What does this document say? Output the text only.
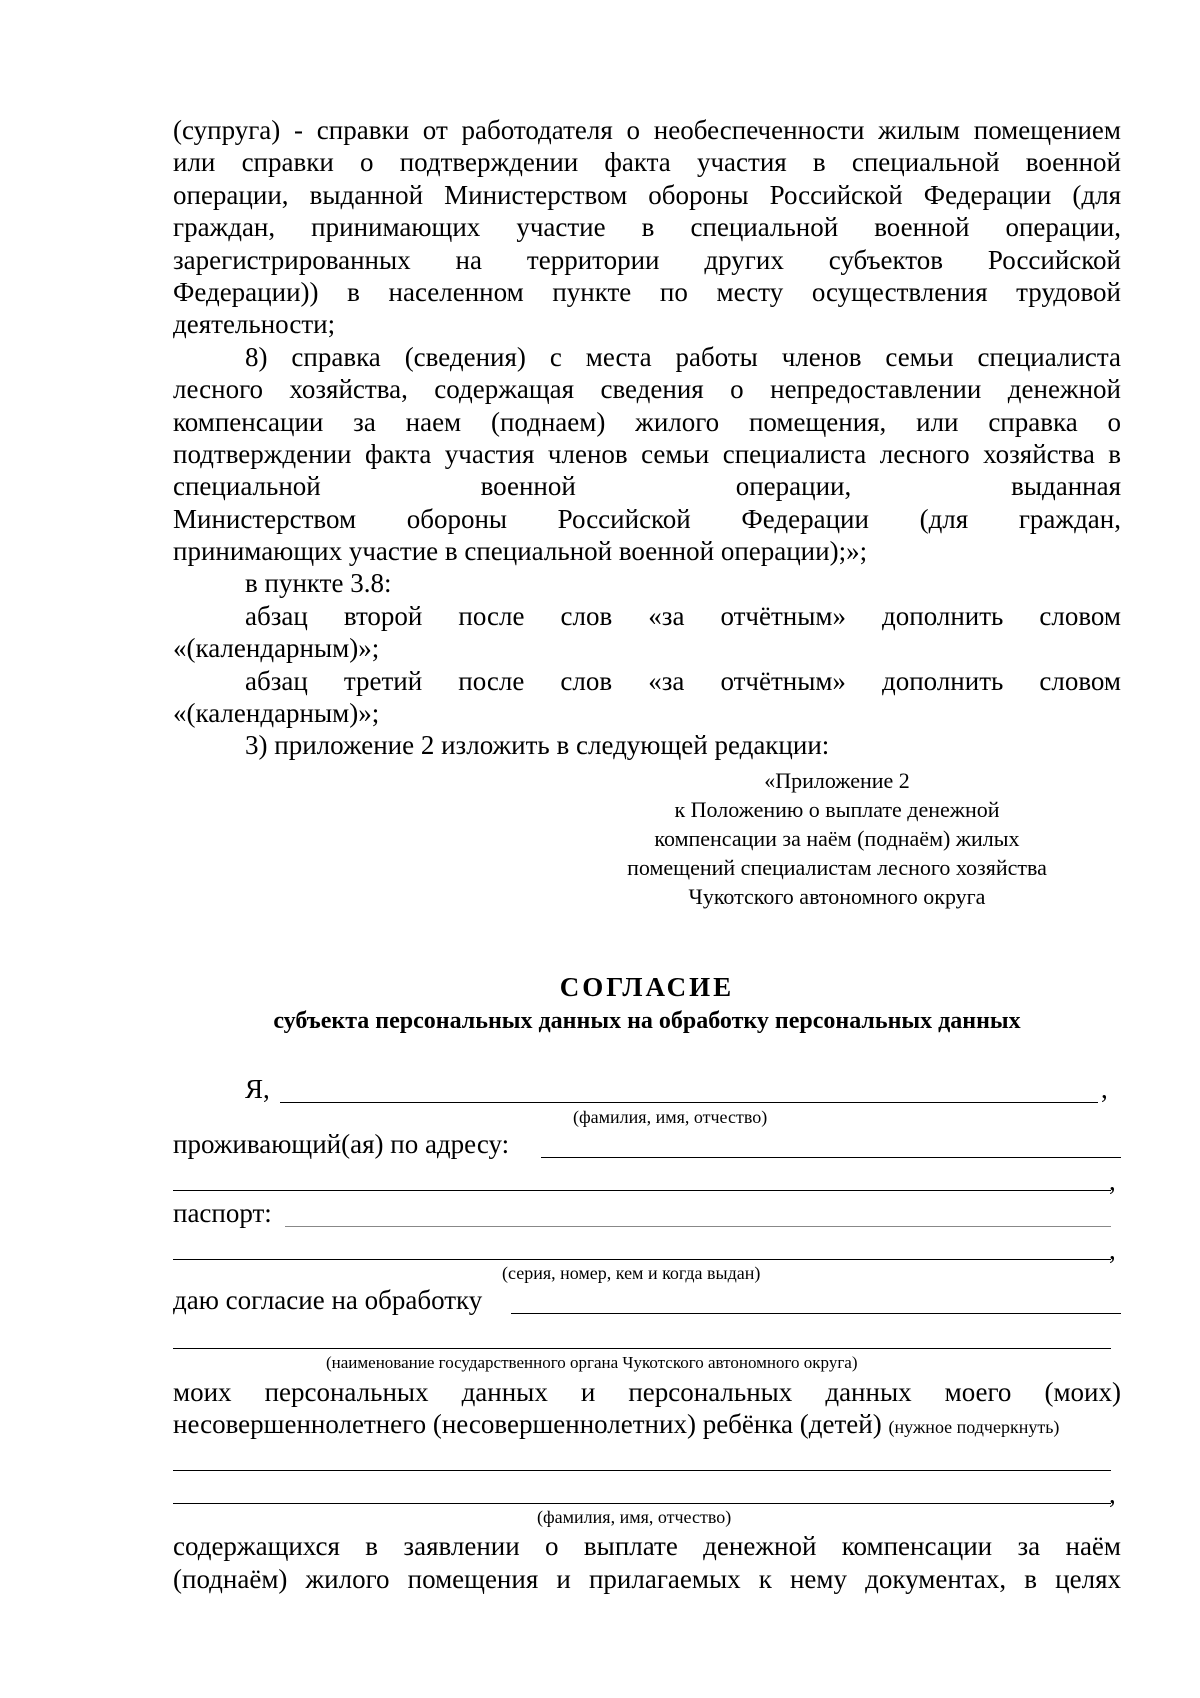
(супруга) - справки от работодателя о необеспеченности жилым помещением
или справки о подтверждении факта участия в специальной военной
операции, выданной Министерством обороны Российской Федерации (для
граждан, принимающих участие в специальной военной операции,
зарегистрированных на территории других субъектов Российской
Федерации)) в населенном пункте по месту осуществления трудовой
деятельности;
8) справка (сведения) с места работы членов семьи специалиста
лесного хозяйства, содержащая сведения о непредоставлении денежной
компенсации за наем (поднаем) жилого помещения, или справка о
подтверждении факта участия членов семьи специалиста лесного хозяйства в
специальной военной операции, выданная
Министерством обороны Российской Федерации (для граждан,
принимающих участие в специальной военной операции);»;
в пункте 3.8:
абзац второй после слов «за отчётным» дополнить словом
«(календарным)»;
абзац третий после слов «за отчётным» дополнить словом
«(календарным)»;
3) приложение 2 изложить в следующей редакции:
«Приложение 2
к Положению о выплате денежной
компенсации за наём (поднаём) жилых
помещений специалистам лесного хозяйства
Чукотского автономного округа
СОГЛАСИЕ
субъекта персональных данных на обработку персональных данных
Я,	,
(фамилия, имя, отчество)
проживающий(ая) по адресу:
,
паспорт:
,
(серия, номер, кем и когда выдан)
даю согласие на обработку
(наименование государственного органа Чукотского автономного округа)
моих персональных данных и персональных данных моего (моих)
несовершеннолетнего (несовершеннолетних) ребёнка (детей) (нужное подчеркнуть)
,
(фамилия, имя, отчество)
содержащихся в заявлении о выплате денежной компенсации за наём
(поднаём) жилого помещения и прилагаемых к нему документах, в целях
